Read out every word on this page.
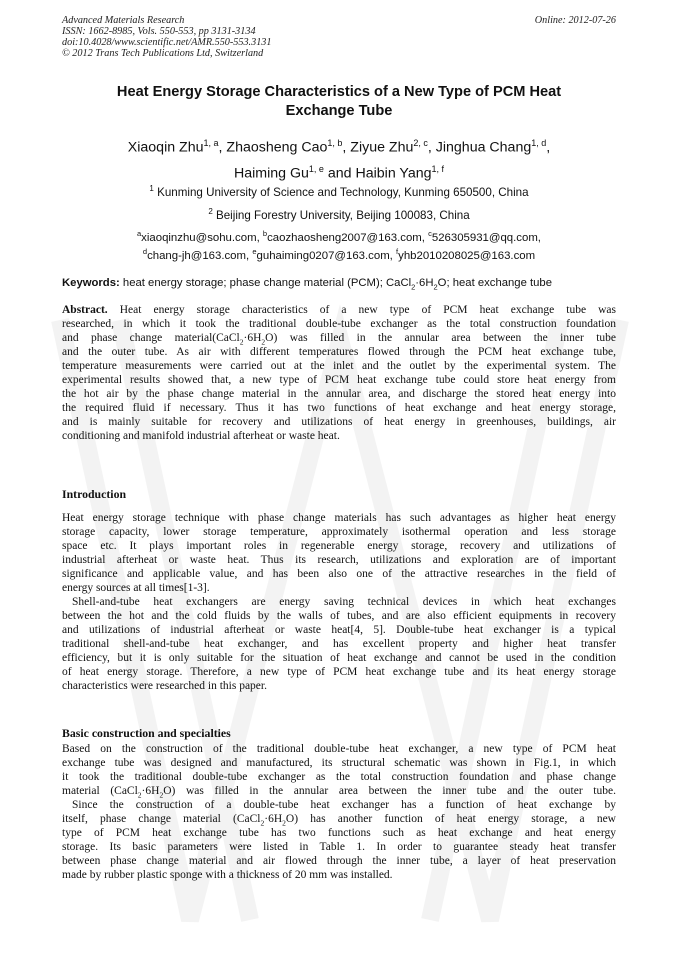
Advanced Materials Research
ISSN: 1662-8985, Vols. 550-553, pp 3131-3134
doi:10.4028/www.scientific.net/AMR.550-553.3131
© 2012 Trans Tech Publications Ltd, Switzerland
Online: 2012-07-26
Heat Energy Storage Characteristics of a New Type of PCM Heat
Exchange Tube
Xiaoqin Zhu$^{1, a}$, Zhaosheng Cao$^{1, b}$, Ziyue Zhu$^{2, c}$, Jinghua Chang$^{1, d}$,
Haiming Gu$^{1, e}$ and Haibin Yang$^{1, f}$
$^1$ Kunming University of Science and Technology, Kunming 650500, China
$^2$ Beijing Forestry University, Beijing 100083, China
$^a$xiaoqinzhu@sohu.com, $^b$caozhaosheng2007@163.com, $^c$526305931@qq.com,
$^d$chang-jh@163.com, $^e$guhaiming0207@163.com, $^f$yhb2010208025@163.com
Keywords: heat energy storage; phase change material (PCM); $CaCl_2\cdot 6H_2O$; heat exchange tube
Abstract. Heat energy storage characteristics of a new type of PCM heat exchange tube was
researched, in which it took the traditional double-tube exchanger as the total construction foundation
and phase change $material(CaCl_2\cdot 6H_2O)$ was filled in the annular area between the inner tube
and the outer tube. As air with different temperatures flowed through the PCM heat exchange tube,
temperature measurements were carried out at the inlet and the outlet by the experimental system. The
experimental results showed that, a new type of PCM heat exchange tube could store heat energy from
the hot air by the phase change material in the annular area, and discharge the stored heat energy into
the required fluid if necessary. Thus it has two functions of heat exchange and heat energy storage,
and is mainly suitable for recovery and utilizations of heat energy in greenhouses, buildings, air
conditioning and manifold industrial afterheat or waste heat.
Introduction
Heat energy storage technique with phase change materials has such advantages as higher heat energy
storage capacity, lower storage temperature, approximately isothermal operation and less storage
space etc. It plays important roles in regenerable energy storage, recovery and utilizations of
industrial afterheat or waste heat. Thus its research, utilizations and exploration are of important
significance and applicable value, and has been also one of the attractive researches in the field of
energy sources at all times[1-3].
Shell-and-tube heat exchangers are energy saving technical devices in which heat exchanges
between the hot and the cold fluids by the walls of tubes, and are also efficient equipments in recovery
and utilizations of industrial afterheat or waste heat[4, 5]. Double-tube heat exchanger is a typical
traditional shell-and-tube heat exchanger, and has excellent property and higher heat transfer
efficiency, but it is only suitable for the situation of heat exchange and cannot be used in the condition
of heat energy storage. Therefore, a new type of PCM heat exchange tube and its heat energy storage
characteristics were researched in this paper.
Basic construction and specialties
Based on the construction of the traditional double-tube heat exchanger, a new type of PCM heat
exchange tube was designed and manufactured, its structural schematic was shown in Fig.1, in which
it took the traditional double-tube exchanger as the total construction foundation and phase change
material $(CaCl_2\cdot 6H_2O)$ was filled in the annular area between the inner tube and the outer tube.
Since the construction of a double-tube heat exchanger has a function of heat exchange by
itself, phase change material $(CaCl_2\cdot 6H_2O)$ has another function of heat energy storage, a new
type of PCM heat exchange tube has two functions such as heat exchange and heat energy
storage. Its basic parameters were listed in Table 1. In order to guarantee steady heat transfer
between phase change material and air flowed through the inner tube, a layer of heat preservation
made by rubber plastic sponge with a thickness of 20 mm was installed.
